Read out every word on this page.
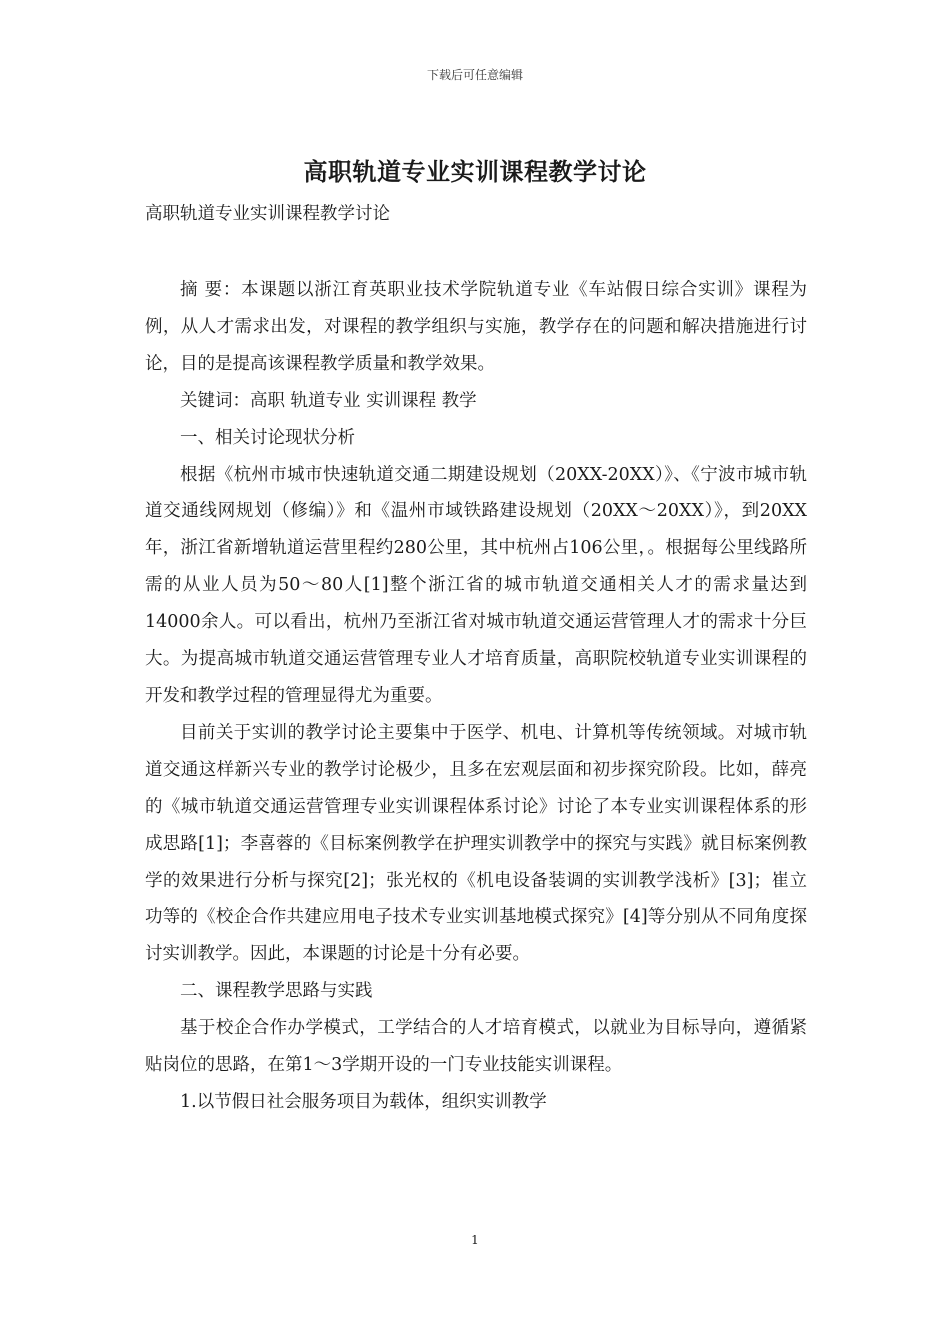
下载后可任意编辑
高职轨道专业实训课程教学讨论
高职轨道专业实训课程教学讨论

摘 要：本课题以浙江育英职业技术学院轨道专业《车站假日综合实训》课程为例，从人才需求出发，对课程的教学组织与实施，教学存在的问题和解决措施进行讨论，目的是提高该课程教学质量和教学效果。

关键词：高职 轨道专业 实训课程 教学

一、相关讨论现状分析

根据《杭州市城市快速轨道交通二期建设规划（20XX-20XX）》、《宁波市城市轨道交通线网规划（修编）》和《温州市域铁路建设规划（20XX～20XX）》，到20XX年，浙江省新增轨道运营里程约280公里，其中杭州占106公里，。根据每公里线路所需的从业人员为50～80人[1]整个浙江省的城市轨道交通相关人才的需求量达到14000余人。可以看出，杭州乃至浙江省对城市轨道交通运营管理人才的需求十分巨大。为提高城市轨道交通运营管理专业人才培育质量，高职院校轨道专业实训课程的开发和教学过程的管理显得尤为重要。

目前关于实训的教学讨论主要集中于医学、机电、计算机等传统领域。对城市轨道交通这样新兴专业的教学讨论极少，且多在宏观层面和初步探究阶段。比如，薛亮的《城市轨道交通运营管理专业实训课程体系讨论》讨论了本专业实训课程体系的形成思路[1]；李喜蓉的《目标案例教学在护理实训教学中的探究与实践》就目标案例教学的效果进行分析与探究[2]；张光权的《机电设备装调的实训教学浅析》[3]；崔立功等的《校企合作共建应用电子技术专业实训基地模式探究》[4]等分别从不同角度探讨实训教学。因此，本课题的讨论是十分有必要。

二、课程教学思路与实践

基于校企合作办学模式，工学结合的人才培育模式，以就业为目标导向，遵循紧贴岗位的思路，在第1～3学期开设的一门专业技能实训课程。

1.以节假日社会服务项目为载体，组织实训教学

1
